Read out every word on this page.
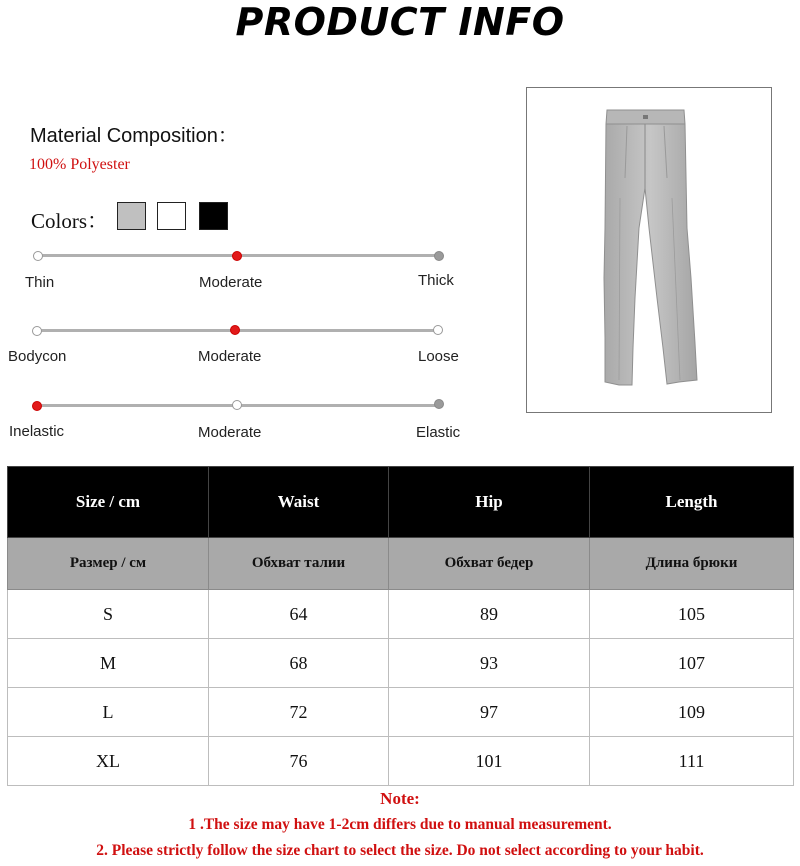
PRODUCT INFO
Material Composition：
100% Polyester
Colors：
Thin	Moderate	Thick
Bodycon	Moderate	Loose
Inelastic	Moderate	Elastic
Size / cm	Waist	Hip	Length
Размер / см	Обхват талии	Обхват бедер	Длина брюки
S	64	89	105
M	68	93	107
L	72	97	109
XL	76	101	111
Note:
1 .The size may have 1-2cm differs due to manual measurement.
2. Please strictly follow the size chart to select the size. Do not select according to your habit.
